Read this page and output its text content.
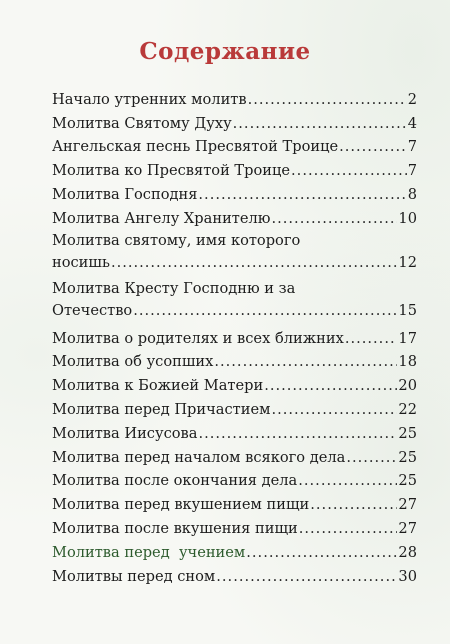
Содержание
Начало утренних молитв .....	2
Молитва Святому Духу .....	4
Ангельская песнь Пресвятой Троице .....	7
Молитва ко Пресвятой Троице .....	7
Молитва Господня .....	8
Молитва Ангелу Хранителю .....	10
Молитва святому, имя которого
носишь .....	12
Молитва Кресту Господню и за
Отечество .....	15
Молитва о родителях и всех ближних .....	17
Молитва об усопших .....	18
Молитва к Божией Матери .....	20
Молитва перед Причастием .....	22
Молитва Иисусова .....	25
Молитва перед началом всякого дела .....	25
Молитва после окончания дела .....	25
Молитва перед вкушением пищи .....	27
Молитва после вкушения пищи .....	27
Молитва перед  учением .....	28
Молитвы перед сном .....	30
